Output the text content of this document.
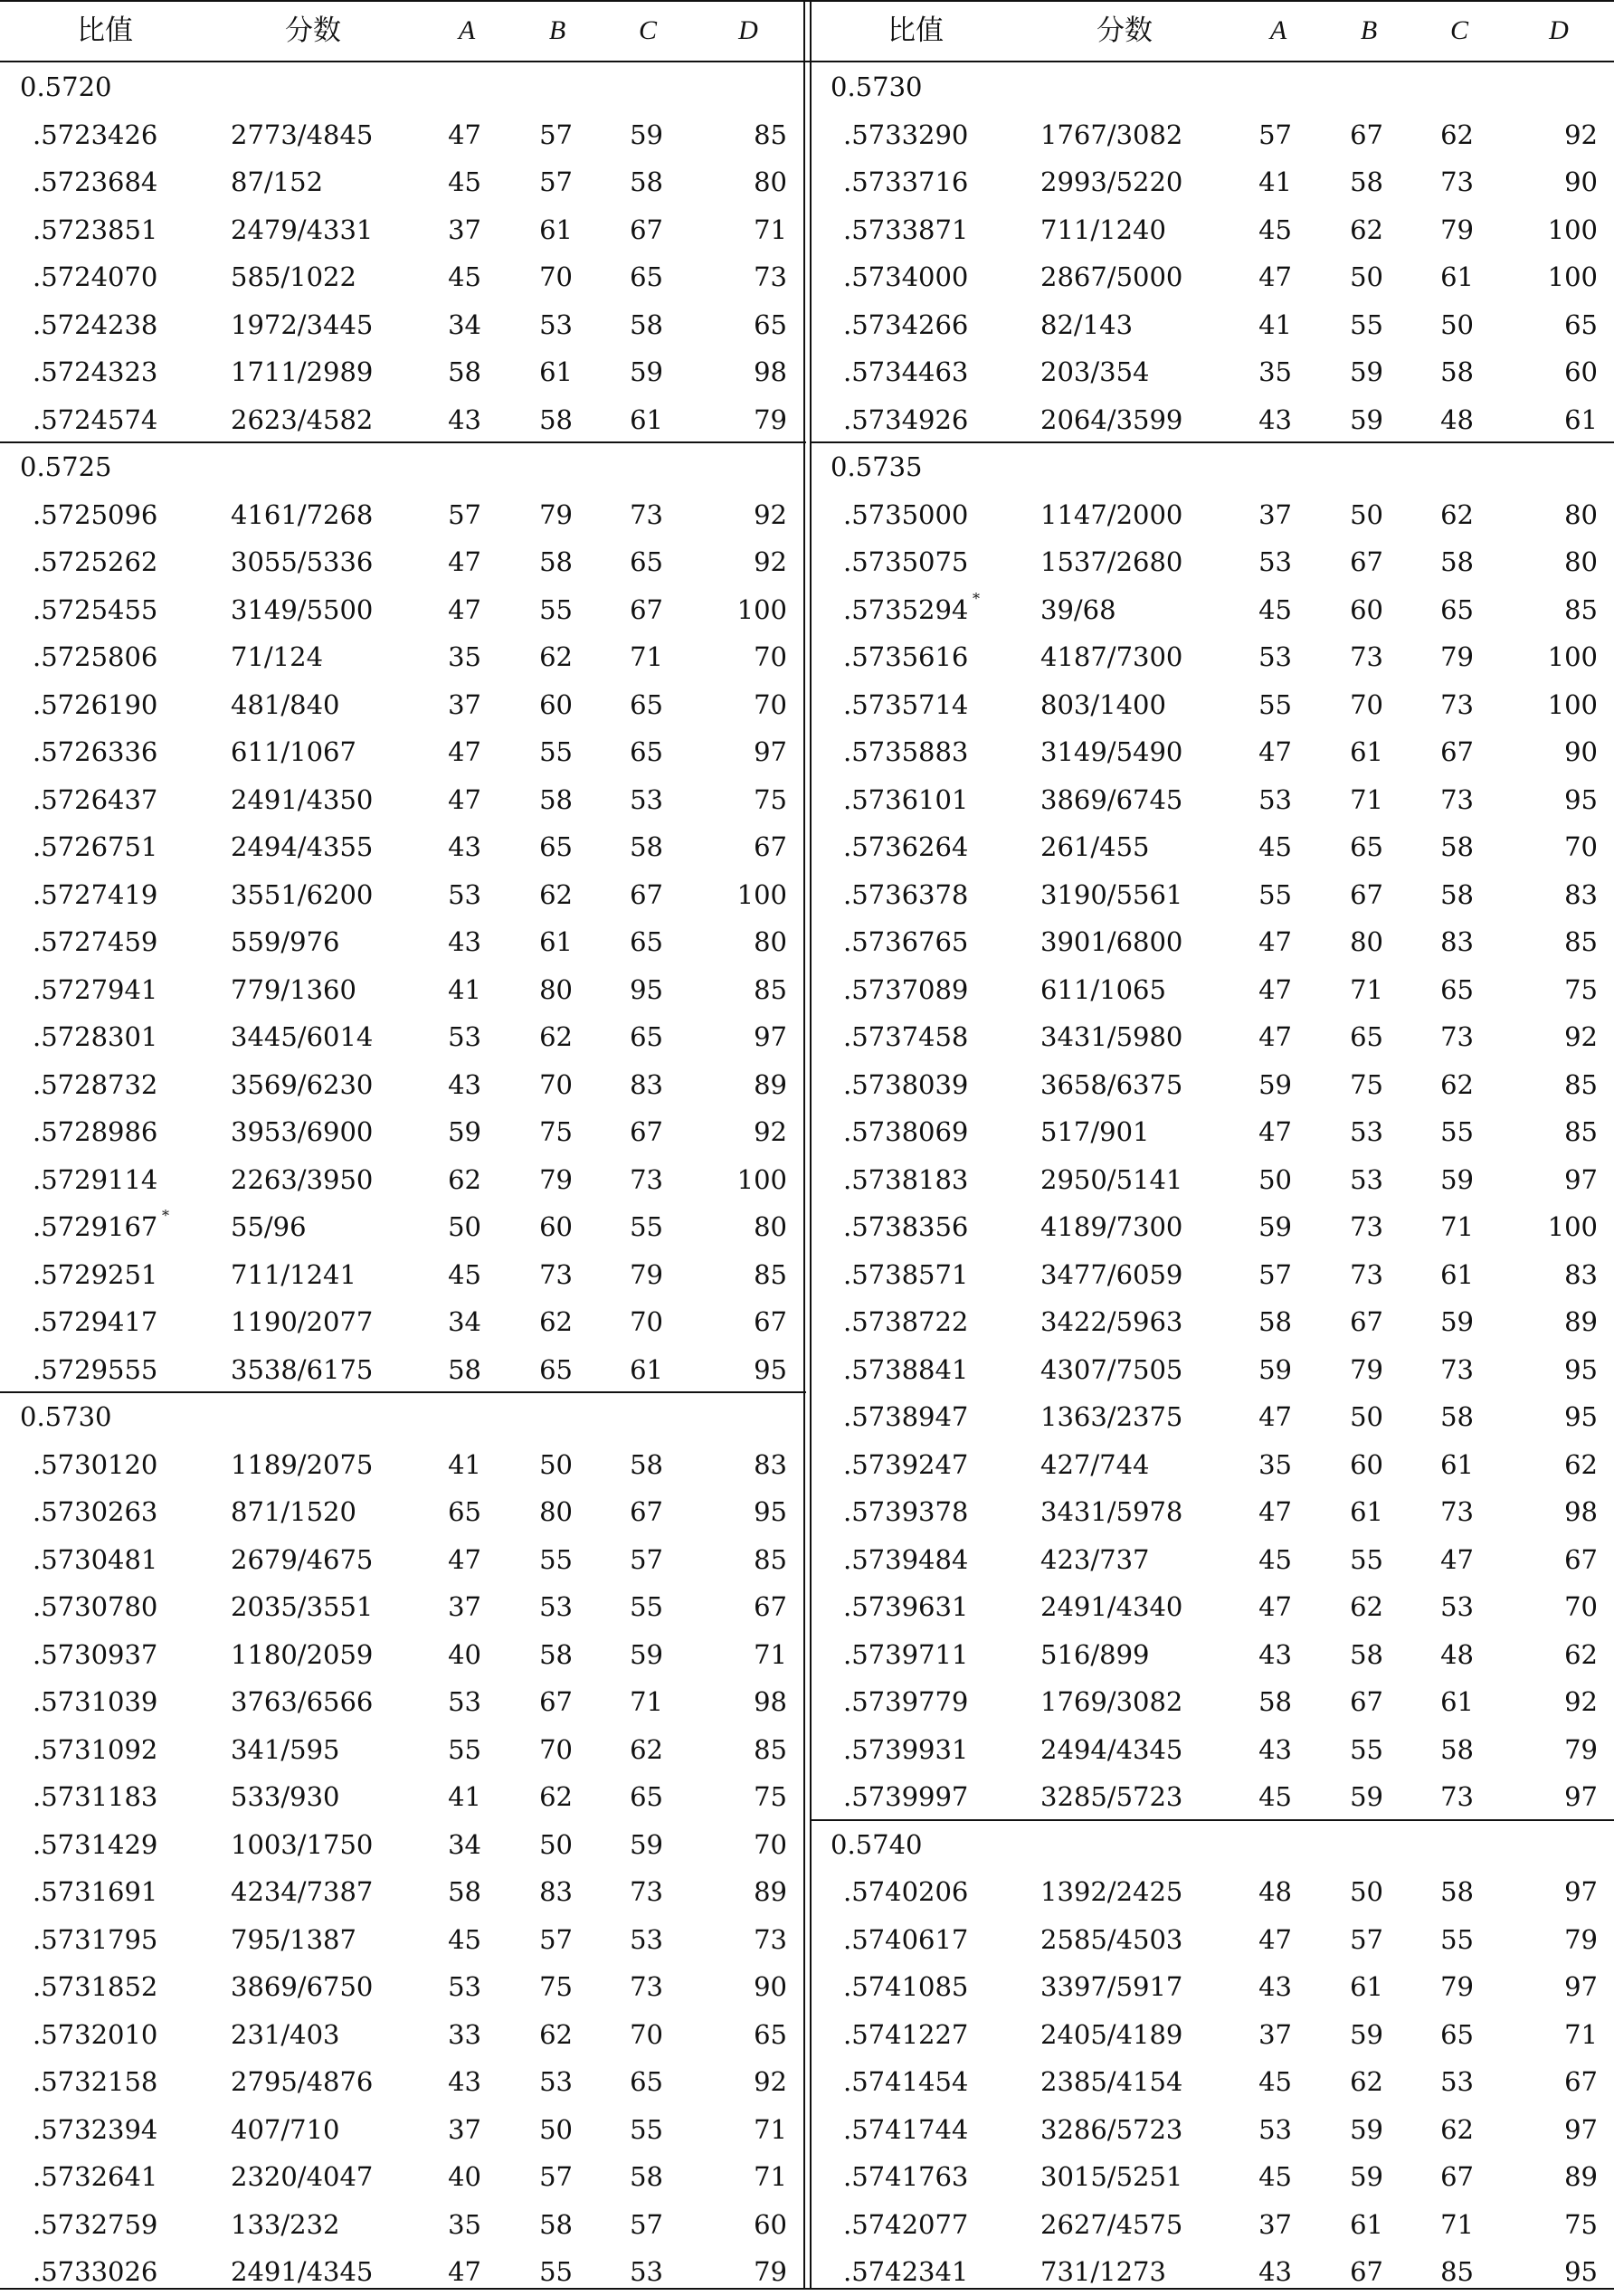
比值	分数	A	B	C	D	比值	分数	A	B	C	D
0.5720
.5723426	2773/4845	47	57	59	85
.5723684	87/152	45	57	58	80
.5723851	2479/4331	37	61	67	71
.5724070	585/1022	45	70	65	73
.5724238	1972/3445	34	53	58	65
.5724323	1711/2989	58	61	59	98
.5724574	2623/4582	43	58	61	79
0.5725
.5725096	4161/7268	57	79	73	92
.5725262	3055/5336	47	58	65	92
.5725455	3149/5500	47	55	67	100
.5725806	71/124	35	62	71	70
.5726190	481/840	37	60	65	70
.5726336	611/1067	47	55	65	97
.5726437	2491/4350	47	58	53	75
.5726751	2494/4355	43	65	58	67
.5727419	3551/6200	53	62	67	100
.5727459	559/976	43	61	65	80
.5727941	779/1360	41	80	95	85
.5728301	3445/6014	53	62	65	97
.5728732	3569/6230	43	70	83	89
.5728986	3953/6900	59	75	67	92
.5729114	2263/3950	62	79	73	100
.5729167 * 55/96	50	60	55	80
.5729251	711/1241	45	73	79	85
.5729417	1190/2077	34	62	70	67
.5729555	3538/6175	58	65	61	95
0.5730
.5730120	1189/2075	41	50	58	83
.5730263	871/1520	65	80	67	95
.5730481	2679/4675	47	55	57	85
.5730780	2035/3551	37	53	55	67
.5730937	1180/2059	40	58	59	71
.5731039	3763/6566	53	67	71	98
.5731092	341/595	55	70	62	85
.5731183	533/930	41	62	65	75
.5731429	1003/1750	34	50	59	70
.5731691	4234/7387	58	83	73	89
.5731795	795/1387	45	57	53	73
.5731852	3869/6750	53	75	73	90
.5732010	231/403	33	62	70	65
.5732158	2795/4876	43	53	65	92
.5732394	407/710	37	50	55	71
.5732641	2320/4047	40	57	58	71
.5732759	133/232	35	58	57	60
.5733026	2491/4345	47	55	53	79
0.5730
.5733290	1767/3082	57	67	62	92
.5733716	2993/5220	41	58	73	90
.5733871	711/1240	45	62	79	100
.5734000	2867/5000	47	50	61	100
.5734266	82/143	41	55	50	65
.5734463	203/354	35	59	58	60
.5734926	2064/3599	43	59	48	61
0.5735
.5735000	1147/2000	37	50	62	80
.5735075	1537/2680	53	67	58	80
.5735294 * 39/68	45	60	65	85
.5735616	4187/7300	53	73	79	100
.5735714	803/1400	55	70	73	100
.5735883	3149/5490	47	61	67	90
.5736101	3869/6745	53	71	73	95
.5736264	261/455	45	65	58	70
.5736378	3190/5561	55	67	58	83
.5736765	3901/6800	47	80	83	85
.5737089	611/1065	47	71	65	75
.5737458	3431/5980	47	65	73	92
.5738039	3658/6375	59	75	62	85
.5738069	517/901	47	53	55	85
.5738183	2950/5141	50	53	59	97
.5738356	4189/7300	59	73	71	100
.5738571	3477/6059	57	73	61	83
.5738722	3422/5963	58	67	59	89
.5738841	4307/7505	59	79	73	95
.5738947	1363/2375	47	50	58	95
.5739247	427/744	35	60	61	62
.5739378	3431/5978	47	61	73	98
.5739484	423/737	45	55	47	67
.5739631	2491/4340	47	62	53	70
.5739711	516/899	43	58	48	62
.5739779	1769/3082	58	67	61	92
.5739931	2494/4345	43	55	58	79
.5739997	3285/5723	45	59	73	97
0.5740
.5740206	1392/2425	48	50	58	97
.5740617	2585/4503	47	57	55	79
.5741085	3397/5917	43	61	79	97
.5741227	2405/4189	37	59	65	71
.5741454	2385/4154	45	62	53	67
.5741744	3286/5723	53	59	62	97
.5741763	3015/5251	45	59	67	89
.5742077	2627/4575	37	61	71	75
.5742341	731/1273	43	67	85	95
